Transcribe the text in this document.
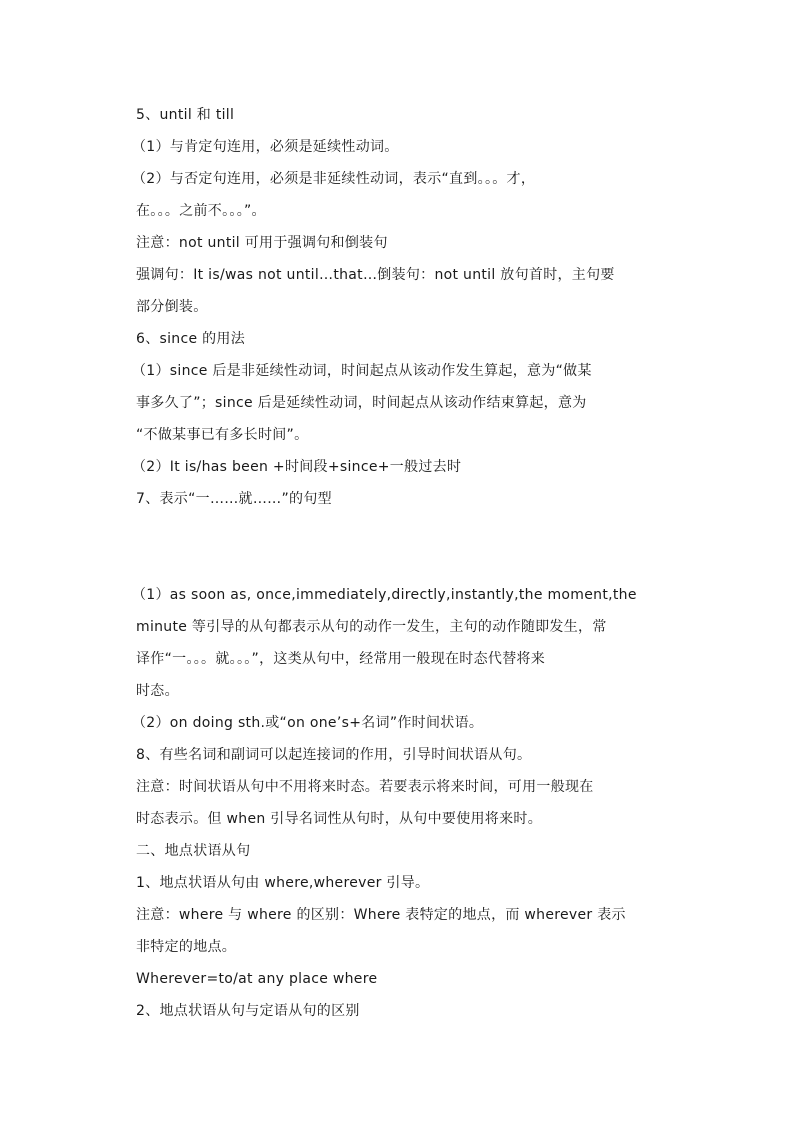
5、until 和 till
（1）与肯定句连用，必须是延续性动词。
（2）与否定句连用，必须是非延续性动词，表示“直到。。。才，
在。。。之前不。。。”。
注意：not until 可用于强调句和倒装句
强调句：It is/was not until…that…倒装句：not until 放句首时，主句要
部分倒装。
6、since 的用法
（1）since 后是非延续性动词，时间起点从该动作发生算起，意为“做某
事多久了”；since 后是延续性动词，时间起点从该动作结束算起，意为
“不做某事已有多长时间”。
（2）It is/has been +时间段+since+一般过去时
7、表示“一……就……”的句型
（1）as soon as, once,immediately,directly,instantly,the moment,the
minute 等引导的从句都表示从句的动作一发生，主句的动作随即发生，常
译作“一。。。就。。。”，这类从句中，经常用一般现在时态代替将来
时态。
（2）on doing sth.或“on one’s+名词”作时间状语。
8、有些名词和副词可以起连接词的作用，引导时间状语从句。
注意：时间状语从句中不用将来时态。若要表示将来时间，可用一般现在
时态表示。但 when 引导名词性从句时，从句中要使用将来时。
二、地点状语从句
1、地点状语从句由 where,wherever 引导。
注意：where 与 where 的区别：Where 表特定的地点，而 wherever 表示
非特定的地点。
Wherever=to/at any place where
2、地点状语从句与定语从句的区别
